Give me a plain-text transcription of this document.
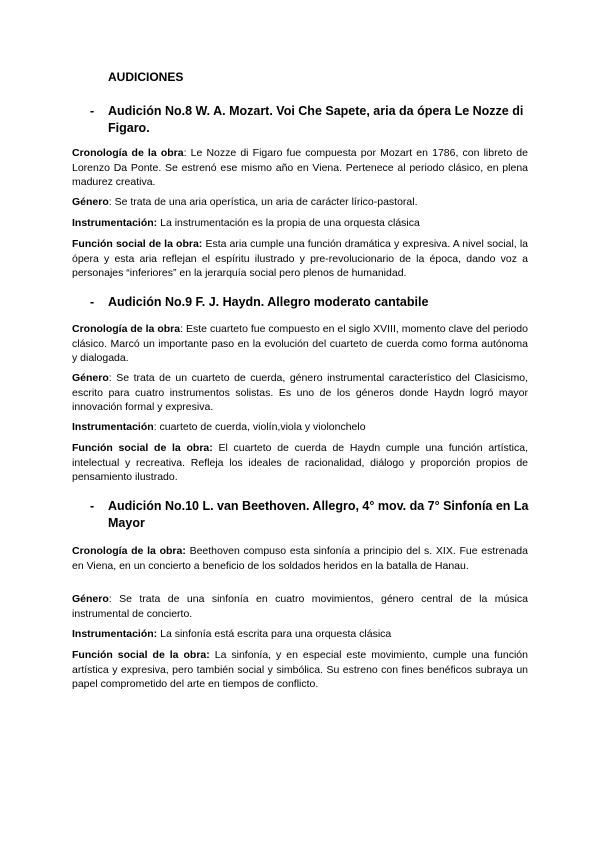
AUDICIONES

- Audición No.8 W. A. Mozart. Voi Che Sapete, aria da ópera Le Nozze di Figaro.

Cronología de la obra: Le Nozze di Figaro fue compuesta por Mozart en 1786, con libreto de Lorenzo Da Ponte. Se estrenó ese mismo año en Viena. Pertenece al periodo clásico, en plena madurez creativa.

Género: Se trata de una aria operística, un aria de carácter lírico-pastoral.

Instrumentación: La instrumentación es la propia de una orquesta clásica

Función social de la obra: Esta aria cumple una función dramática y expresiva. A nivel social, la ópera y esta aria reflejan el espíritu ilustrado y pre-revolucionario de la época, dando voz a personajes “inferiores” en la jerarquía social pero plenos de humanidad.

- Audición No.9 F. J. Haydn. Allegro moderato cantabile

Cronología de la obra: Este cuarteto fue compuesto en el siglo XVIII, momento clave del periodo clásico. Marcó un importante paso en la evolución del cuarteto de cuerda como forma autónoma y dialogada.

Género: Se trata de un cuarteto de cuerda, género instrumental característico del Clasicismo, escrito para cuatro instrumentos solistas. Es uno de los géneros donde Haydn logró mayor innovación formal y expresiva.

Instrumentación: cuarteto de cuerda, violín,viola y violonchelo

Función social de la obra: El cuarteto de cuerda de Haydn cumple una función artística, intelectual y recreativa. Refleja los ideales de racionalidad, diálogo y proporción propios de pensamiento ilustrado.

- Audición No.10 L. van Beethoven. Allegro, 4° mov. da 7° Sinfonía en La Mayor

Cronología de la obra: Beethoven compuso esta sinfonía a principio del s. XIX. Fue estrenada en Viena, en un concierto a beneficio de los soldados heridos en la batalla de Hanau.

Género: Se trata de una sinfonía en cuatro movimientos, género central de la música instrumental de concierto.

Instrumentación: La sinfonía está escrita para una orquesta clásica

Función social de la obra: La sinfonía, y en especial este movimiento, cumple una función artística y expresiva, pero también social y simbólica. Su estreno con fines benéficos subraya un papel comprometido del arte en tiempos de conflicto.
